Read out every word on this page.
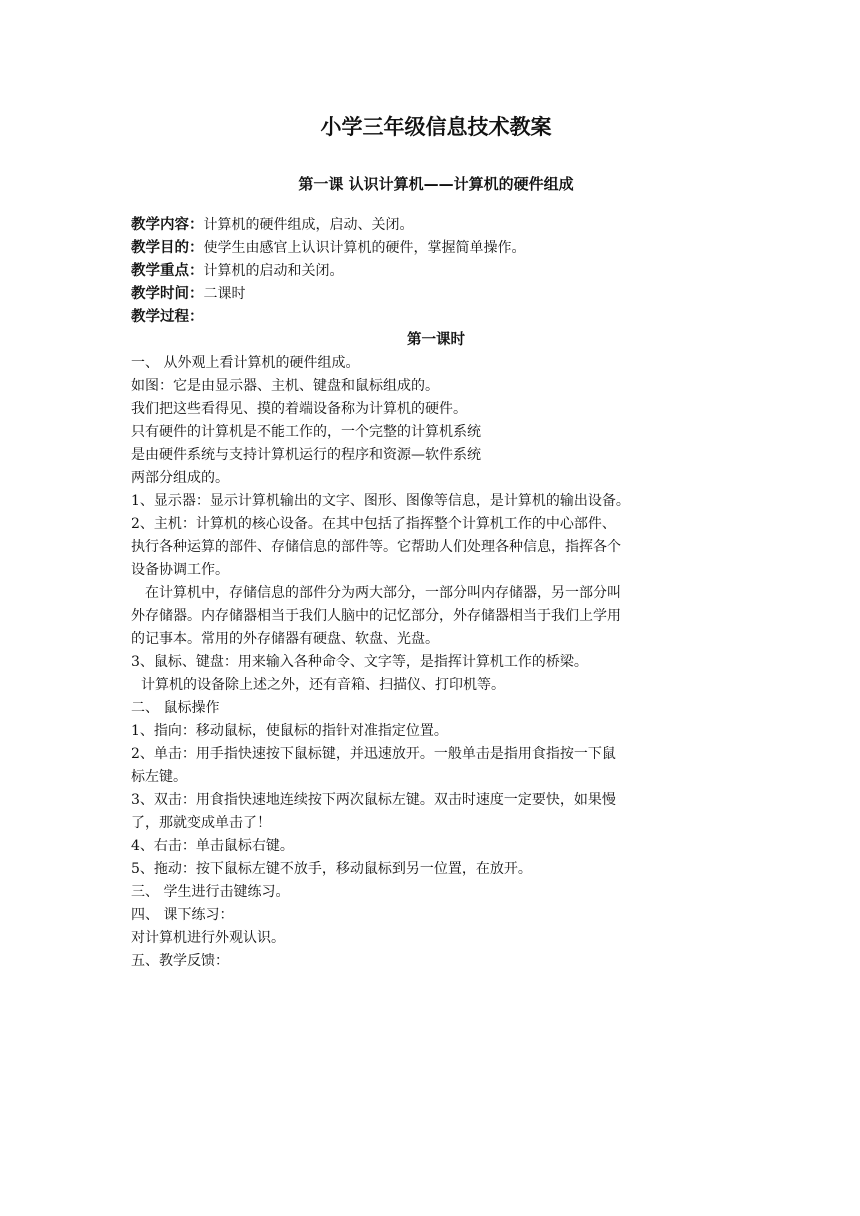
小学三年级信息技术教案
第一课 认识计算机——计算机的硬件组成
教学内容：计算机的硬件组成，启动、关闭。
教学目的：使学生由感官上认识计算机的硬件，掌握简单操作。
教学重点：计算机的启动和关闭。
教学时间：二课时
教学过程：
第一课时
一、 从外观上看计算机的硬件组成。
如图：它是由显示器、主机、键盘和鼠标组成的。
我们把这些看得见、摸的着端设备称为计算机的硬件。
只有硬件的计算机是不能工作的，一个完整的计算机系统
是由硬件系统与支持计算机运行的程序和资源—软件系统
两部分组成的。
1、显示器：显示计算机输出的文字、图形、图像等信息，是计算机的输出设备。
2、主机：计算机的核心设备。在其中包括了指挥整个计算机工作的中心部件、
执行各种运算的部件、存储信息的部件等。它帮助人们处理各种信息，指挥各个
设备协调工作。
在计算机中，存储信息的部件分为两大部分，一部分叫内存储器，另一部分叫
外存储器。内存储器相当于我们人脑中的记忆部分，外存储器相当于我们上学用
的记事本。常用的外存储器有硬盘、软盘、光盘。
3、鼠标、键盘：用来输入各种命令、文字等，是指挥计算机工作的桥梁。
计算机的设备除上述之外，还有音箱、扫描仪、打印机等。
二、 鼠标操作
1、指向：移动鼠标，使鼠标的指针对准指定位置。
2、单击：用手指快速按下鼠标键，并迅速放开。一般单击是指用食指按一下鼠
标左键。
3、双击：用食指快速地连续按下两次鼠标左键。双击时速度一定要快，如果慢
了，那就变成单击了！
4、右击：单击鼠标右键。
5、拖动：按下鼠标左键不放手，移动鼠标到另一位置，在放开。
三、 学生进行击键练习。
四、 课下练习：
对计算机进行外观认识。
五、教学反馈：
